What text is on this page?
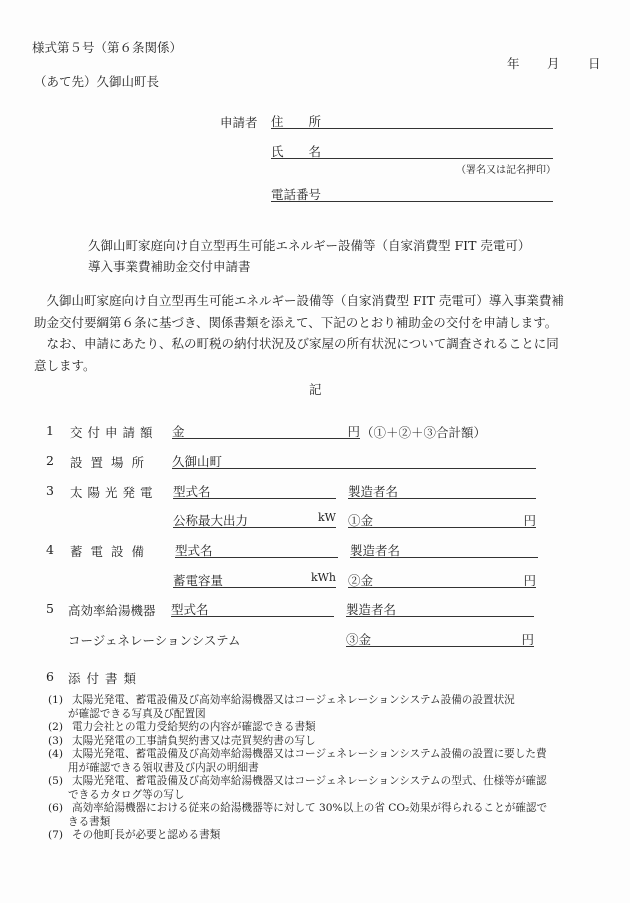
様式第５号（第６条関係）
年 月 日
（あて先）久御山町長
申請者 住　　所
氏　　名
（署名又は記名押印）
電話番号
久御山町家庭向け自立型再生可能エネルギー設備等（自家消費型 FIT 売電可）
導入事業費補助金交付申請書
　久御山町家庭向け自立型再生可能エネルギー設備等（自家消費型 FIT 売電可）導入事業費補
助金交付要綱第６条に基づき、関係書類を添えて、下記のとおり補助金の交付を申請します。
　なお、申請にあたり、私の町税の納付状況及び家屋の所有状況について調査されることに同
意します。
記
1 交付申請額 金	円 （①＋②＋③合計額）
2 設置場所 久御山町
3 太陽光発電 型式名	製造者名
公称最大出力	kW ①金	円
4 蓄電設備 型式名	製造者名
蓄電容量	kWh ②金	円
5 高効率給湯機器 型式名	製造者名
コージェネレーションシステム	③金	円
6 添付書類
(1) 太陽光発電、蓄電設備及び高効率給湯機器又はコージェネレーションシステム設備の設置状況
が確認できる写真及び配置図
(2) 電力会社との電力受給契約の内容が確認できる書類
(3) 太陽光発電の工事請負契約書又は売買契約書の写し
(4) 太陽光発電、蓄電設備及び高効率給湯機器又はコージェネレーションシステム設備の設置に要した費
用が確認できる領収書及び内訳の明細書
(5) 太陽光発電、蓄電設備及び高効率給湯機器又はコージェネレーションシステムの型式、仕様等が確認
できるカタログ等の写し
(6) 高効率給湯機器における従来の給湯機器等に対して 30%以上の省 CO₂効果が得られることが確認で
きる書類
(7) その他町長が必要と認める書類
